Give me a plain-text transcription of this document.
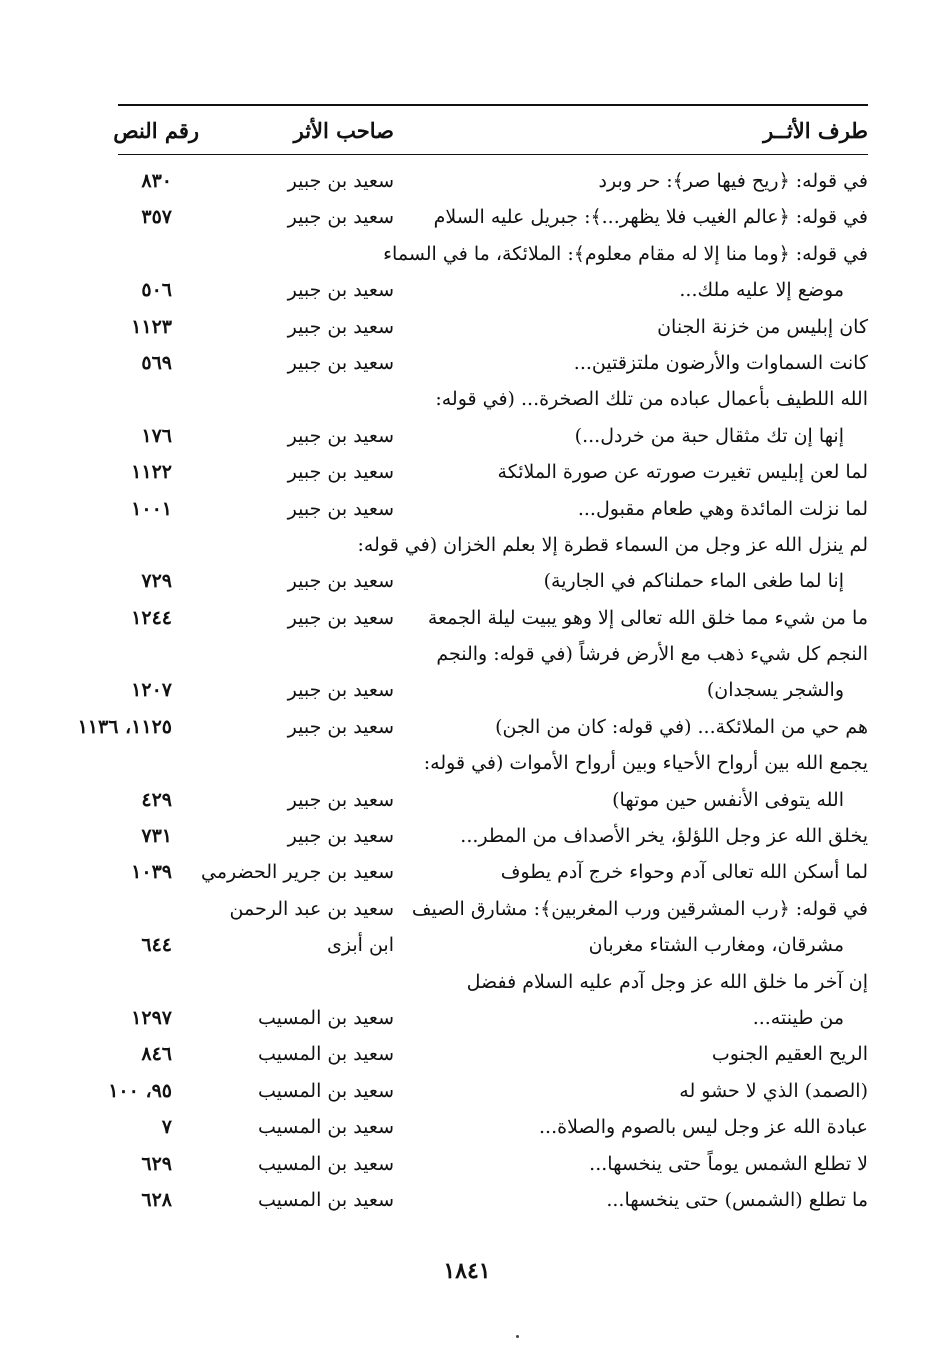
طرف الأثــر
صاحب الأثر
رقم النص
في قوله: ﴿ريح فيها صر﴾: حر وبرد
سعيد بن جبير
٨٣٠
في قوله: ﴿عالم الغيب فلا يظهر...﴾: جبريل عليه السلام
سعيد بن جبير
٣٥٧
في قوله: ﴿وما منا إلا له مقام معلوم﴾: الملائكة، ما في السماء
موضع إلا عليه ملك...
سعيد بن جبير
٥٠٦
كان إبليس من خزنة الجنان
سعيد بن جبير
١١٢٣
كانت السماوات والأرضون ملتزقتين...
سعيد بن جبير
٥٦٩
الله اللطيف بأعمال عباده من تلك الصخرة... (في قوله:
إنها إن تك مثقال حبة من خردل...)
سعيد بن جبير
١٧٦
لما لعن إبليس تغيرت صورته عن صورة الملائكة
سعيد بن جبير
١١٢٢
لما نزلت المائدة وهي طعام مقبول...
سعيد بن جبير
١٠٠١
لم ينزل الله عز وجل من السماء قطرة إلا بعلم الخزان (في قوله:
إنا لما طغى الماء حملناكم في الجارية)
سعيد بن جبير
٧٢٩
ما من شيء مما خلق الله تعالى إلا وهو يبيت ليلة الجمعة
سعيد بن جبير
١٢٤٤
النجم كل شيء ذهب مع الأرض فرشاً (في قوله: والنجم
والشجر يسجدان)
سعيد بن جبير
١٢٠٧
هم حي من الملائكة... (في قوله: كان من الجن)
سعيد بن جبير
١١٢٥، ١١٣٦
يجمع الله بين أرواح الأحياء وبين أرواح الأموات (في قوله:
الله يتوفى الأنفس حين موتها)
سعيد بن جبير
٤٢٩
يخلق الله عز وجل اللؤلؤ، يخر الأصداف من المطر...
سعيد بن جبير
٧٣١
لما أسكن الله تعالى آدم وحواء خرج آدم يطوف
سعيد بن جرير الحضرمي
١٠٣٩
في قوله: ﴿رب المشرقين ورب المغربين﴾: مشارق الصيف
سعيد بن عبد الرحمن
مشرقان، ومغارب الشتاء مغربان
ابن أبزى
٦٤٤
إن آخر ما خلق الله عز وجل آدم عليه السلام ففضل
من طينته...
سعيد بن المسيب
١٢٩٧
الريح العقيم الجنوب
سعيد بن المسيب
٨٤٦
(الصمد) الذي لا حشو له
سعيد بن المسيب
٩٥، ١٠٠
عبادة الله عز وجل ليس بالصوم والصلاة...
سعيد بن المسيب
٧
لا تطلع الشمس يوماً حتى ينخسها...
سعيد بن المسيب
٦٢٩
ما تطلع (الشمس) حتى ينخسها...
سعيد بن المسيب
٦٢٨
١٨٤١
